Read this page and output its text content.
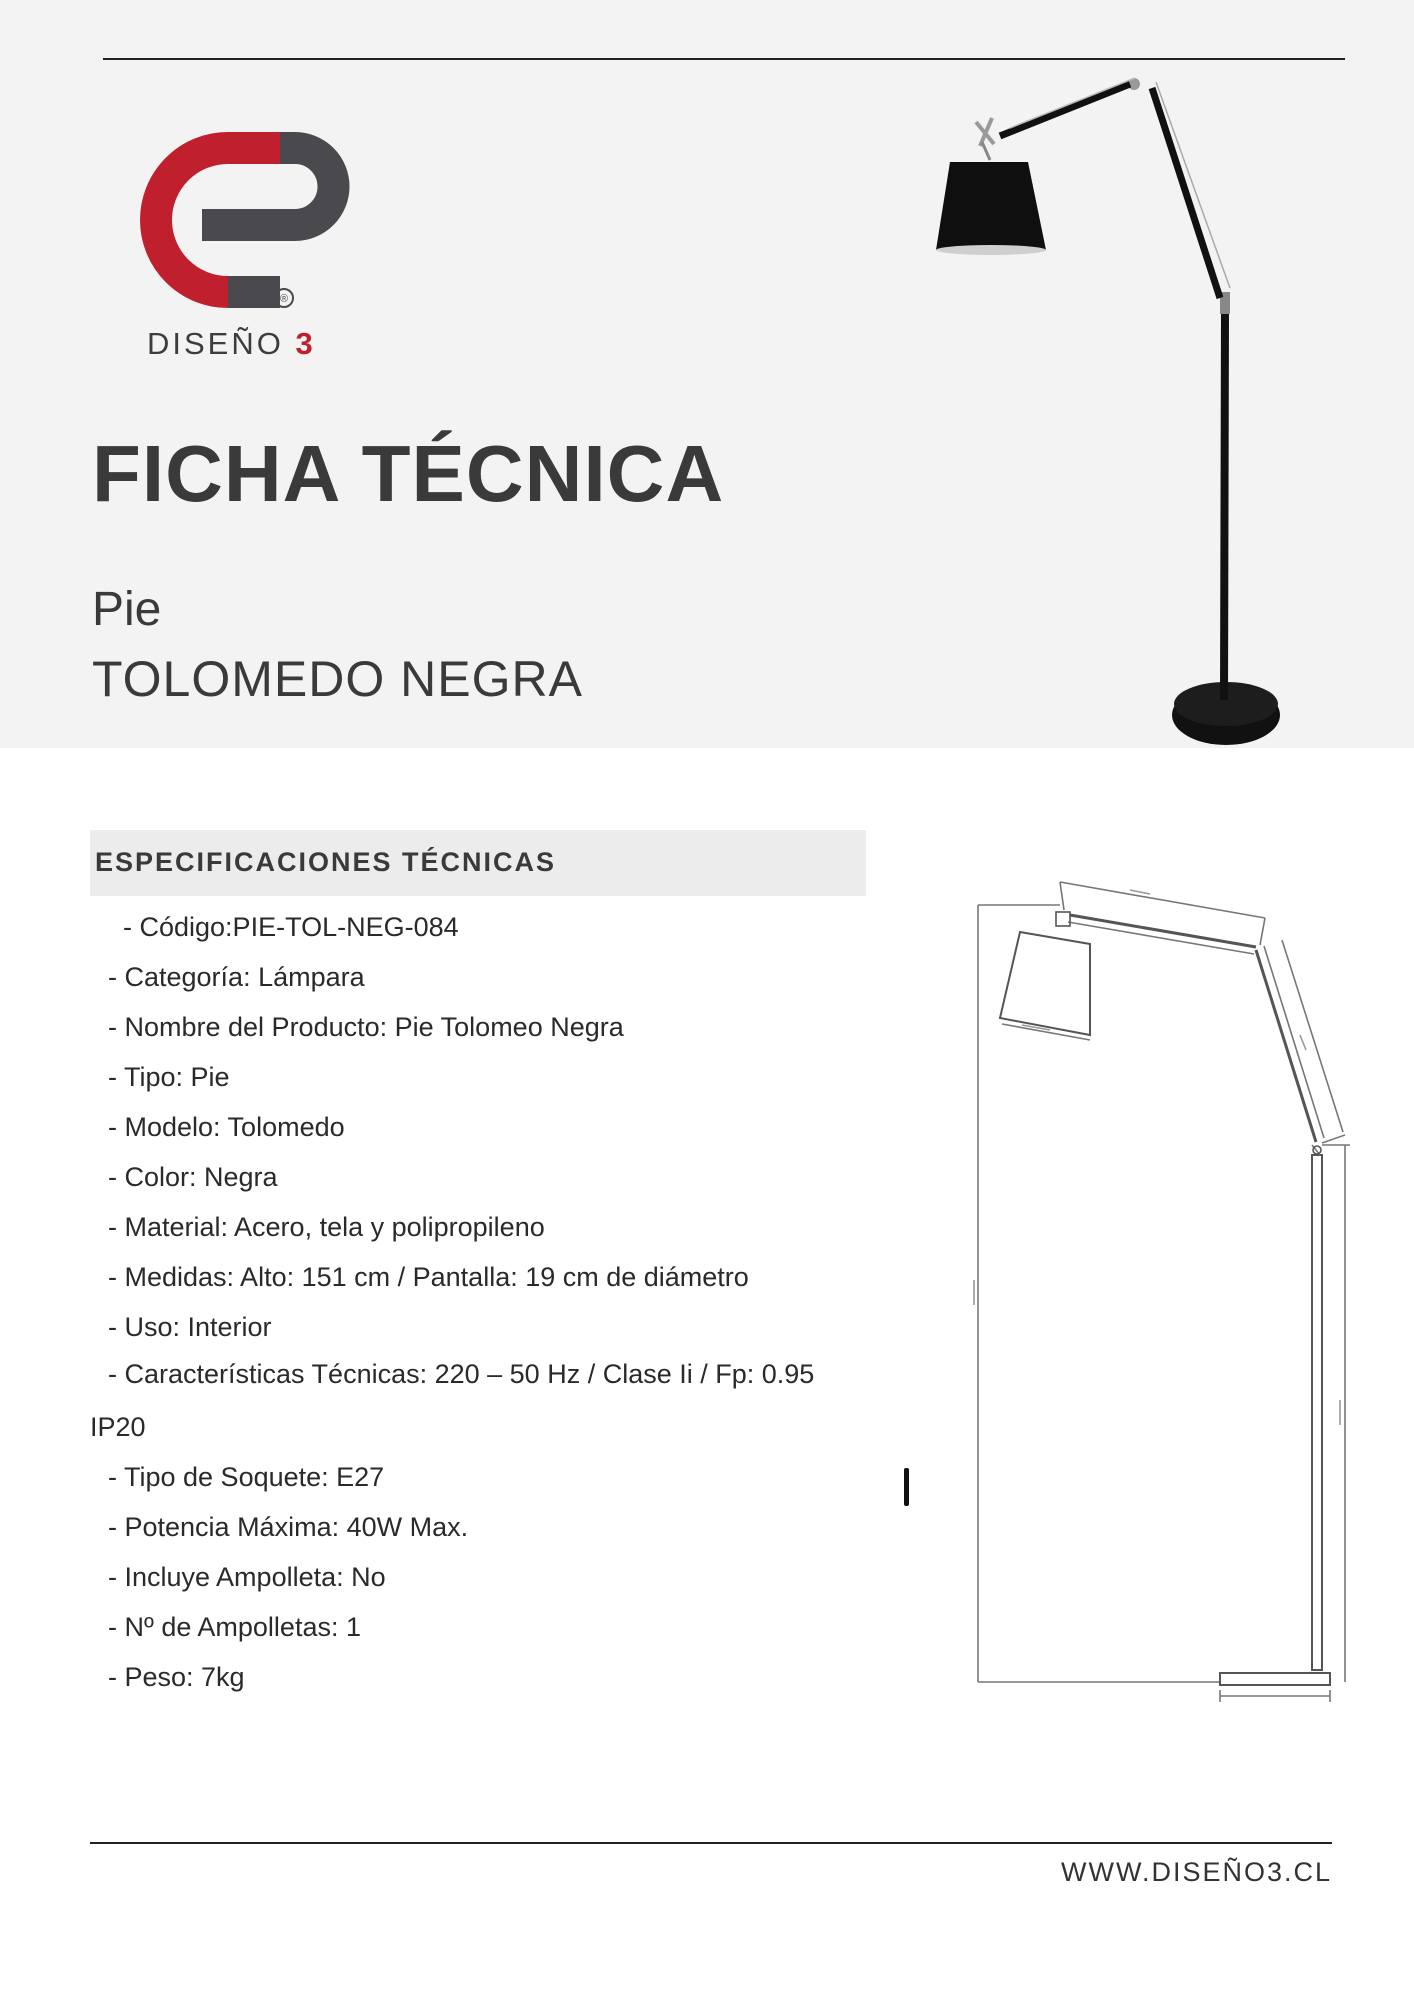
®
DISEÑO 3
FICHA TÉCNICA
Pie
TOLOMEDO NEGRA
ESPECIFICACIONES TÉCNICAS
- Código:PIE-TOL-NEG-084
- Categoría: Lámpara
- Nombre del Producto: Pie Tolomeo Negra
- Tipo: Pie
- Modelo: Tolomedo
- Color: Negra
- Material: Acero, tela y polipropileno
- Medidas: Alto: 151 cm / Pantalla: 19 cm de diámetro
- Uso: Interior
- Características Técnicas: 220 – 50 Hz / Clase Ii / Fp: 0.95
IP20
- Tipo de Soquete: E27
- Potencia Máxima: 40W Max.
- Incluye Ampolleta: No
- Nº de Ampolletas: 1
- Peso: 7kg
WWW.DISEÑO3.CL
